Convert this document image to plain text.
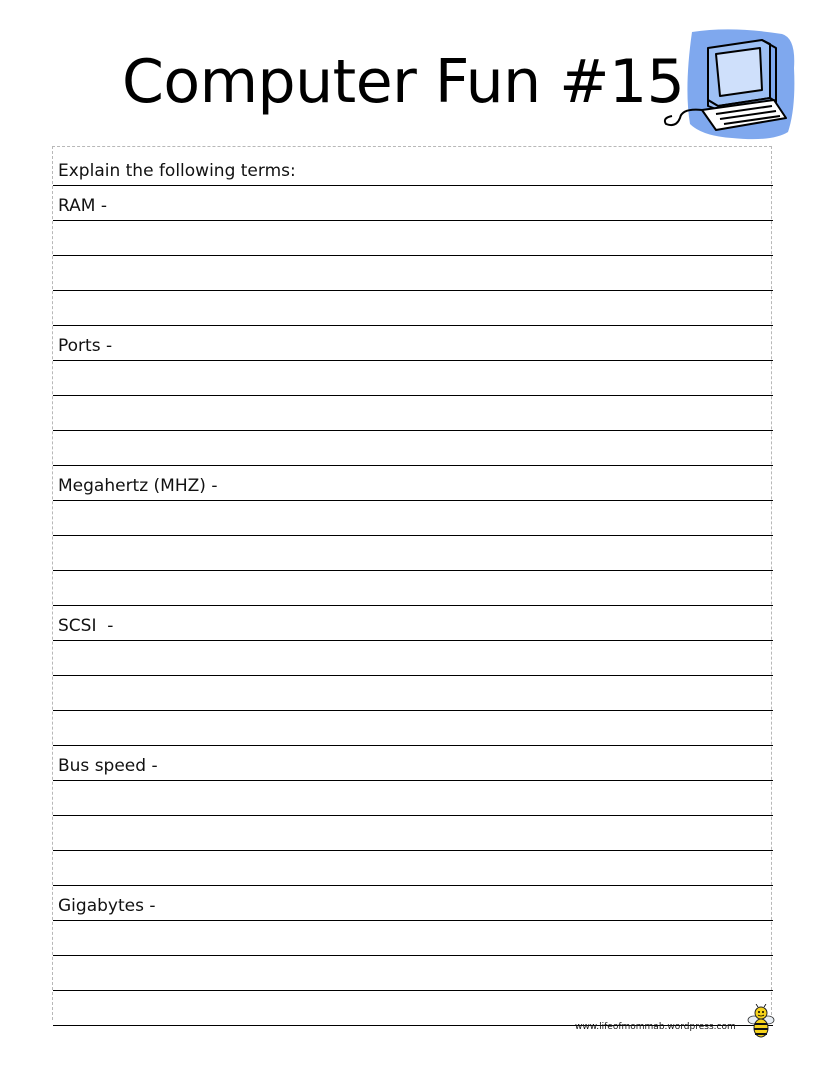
Computer Fun #15
Explain the following terms:
RAM -
Ports -
Megahertz (MHZ) -
SCSI  -
Bus speed -
Gigabytes -
www.lifeofmommab.wordpress.com
